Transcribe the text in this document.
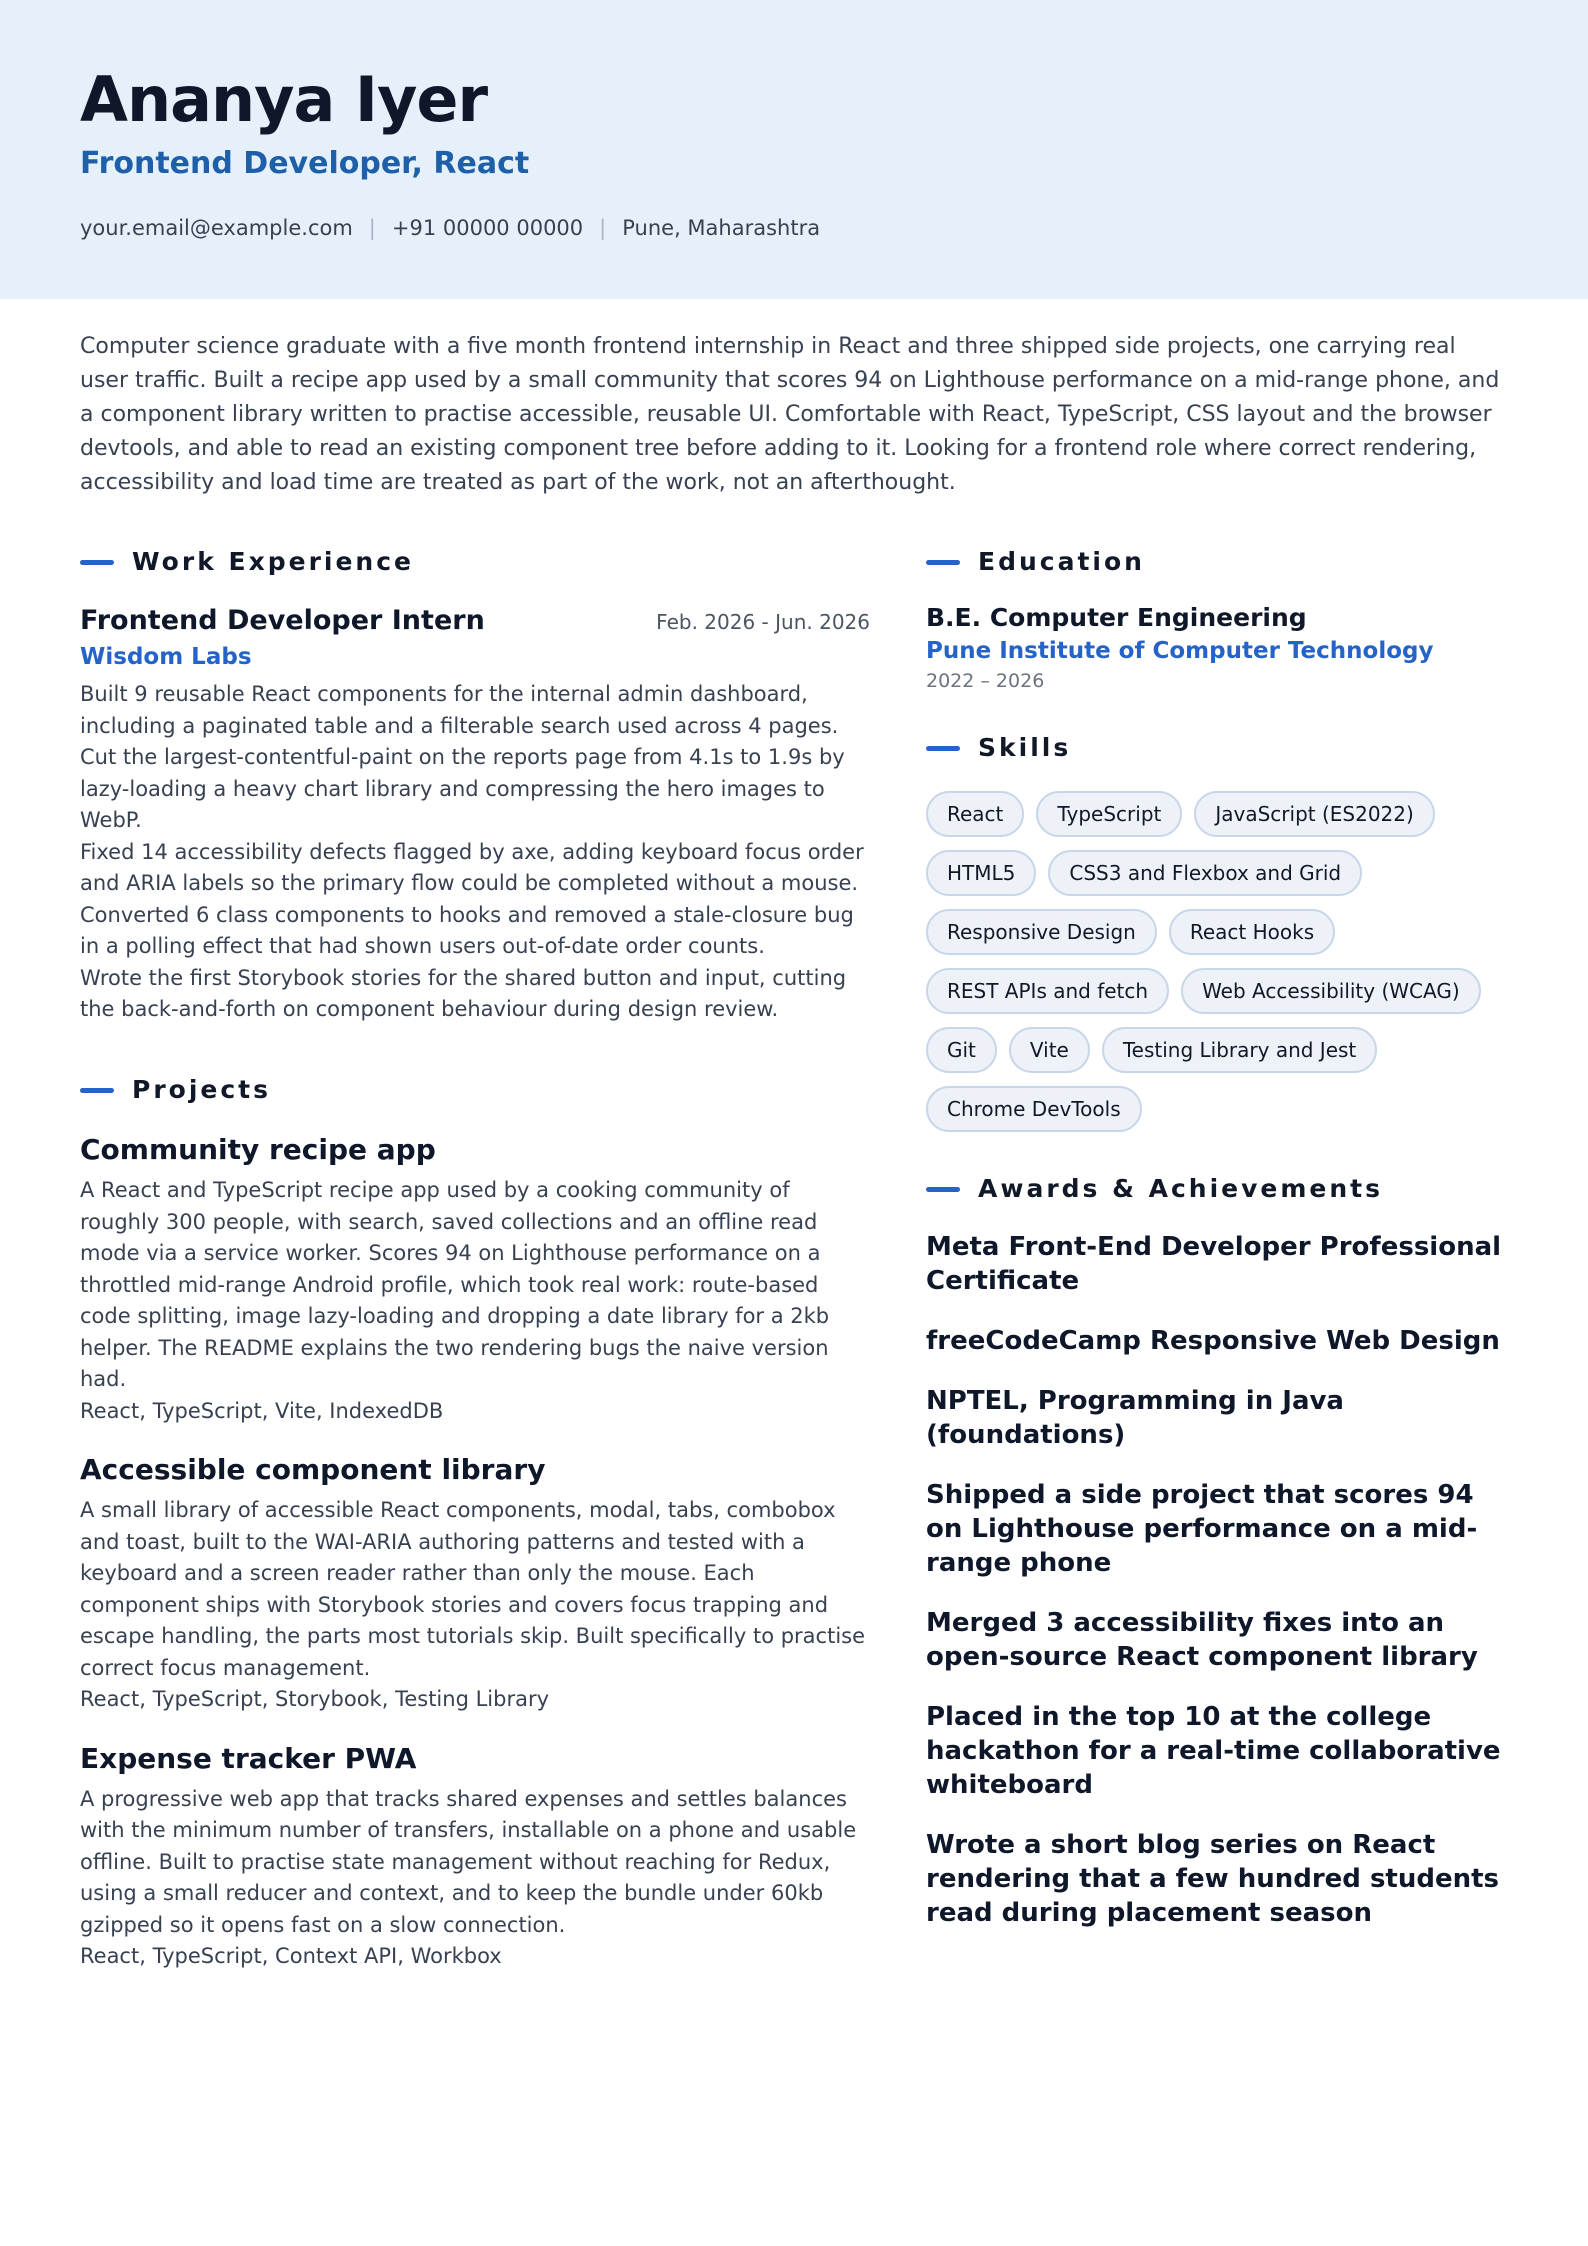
Ananya Iyer
Frontend Developer, React
your.email@example.com | +91 00000 00000 | Pune, Maharashtra
Computer science graduate with a five month frontend internship in React and three shipped side projects, one carrying real user traffic. Built a recipe app used by a small community that scores 94 on Lighthouse performance on a mid-range phone, and a component library written to practise accessible, reusable UI. Comfortable with React, TypeScript, CSS layout and the browser devtools, and able to read an existing component tree before adding to it. Looking for a frontend role where correct rendering, accessibility and load time are treated as part of the work, not an afterthought.
Work Experience
Frontend Developer Intern	Feb. 2026 - Jun. 2026
Wisdom Labs
Built 9 reusable React components for the internal admin dashboard, including a paginated table and a filterable search used across 4 pages.
Cut the largest-contentful-paint on the reports page from 4.1s to 1.9s by lazy-loading a heavy chart library and compressing the hero images to WebP.
Fixed 14 accessibility defects flagged by axe, adding keyboard focus order and ARIA labels so the primary flow could be completed without a mouse.
Converted 6 class components to hooks and removed a stale-closure bug in a polling effect that had shown users out-of-date order counts.
Wrote the first Storybook stories for the shared button and input, cutting the back-and-forth on component behaviour during design review.
Projects
Community recipe app
A React and TypeScript recipe app used by a cooking community of roughly 300 people, with search, saved collections and an offline read mode via a service worker. Scores 94 on Lighthouse performance on a throttled mid-range Android profile, which took real work: route-based code splitting, image lazy-loading and dropping a date library for a 2kb helper. The README explains the two rendering bugs the naive version had.
React, TypeScript, Vite, IndexedDB
Accessible component library
A small library of accessible React components, modal, tabs, combobox and toast, built to the WAI-ARIA authoring patterns and tested with a keyboard and a screen reader rather than only the mouse. Each component ships with Storybook stories and covers focus trapping and escape handling, the parts most tutorials skip. Built specifically to practise correct focus management.
React, TypeScript, Storybook, Testing Library
Expense tracker PWA
A progressive web app that tracks shared expenses and settles balances with the minimum number of transfers, installable on a phone and usable offline. Built to practise state management without reaching for Redux, using a small reducer and context, and to keep the bundle under 60kb gzipped so it opens fast on a slow connection.
React, TypeScript, Context API, Workbox
Education
B.E. Computer Engineering
Pune Institute of Computer Technology
2022 – 2026
Skills
React	TypeScript	JavaScript (ES2022)
HTML5	CSS3 and Flexbox and Grid
Responsive Design	React Hooks
REST APIs and fetch	Web Accessibility (WCAG)
Git	Vite	Testing Library and Jest
Chrome DevTools
Awards & Achievements
Meta Front-End Developer Professional Certificate
freeCodeCamp Responsive Web Design
NPTEL, Programming in Java (foundations)
Shipped a side project that scores 94 on Lighthouse performance on a mid-range phone
Merged 3 accessibility fixes into an open-source React component library
Placed in the top 10 at the college hackathon for a real-time collaborative whiteboard
Wrote a short blog series on React rendering that a few hundred students read during placement season
